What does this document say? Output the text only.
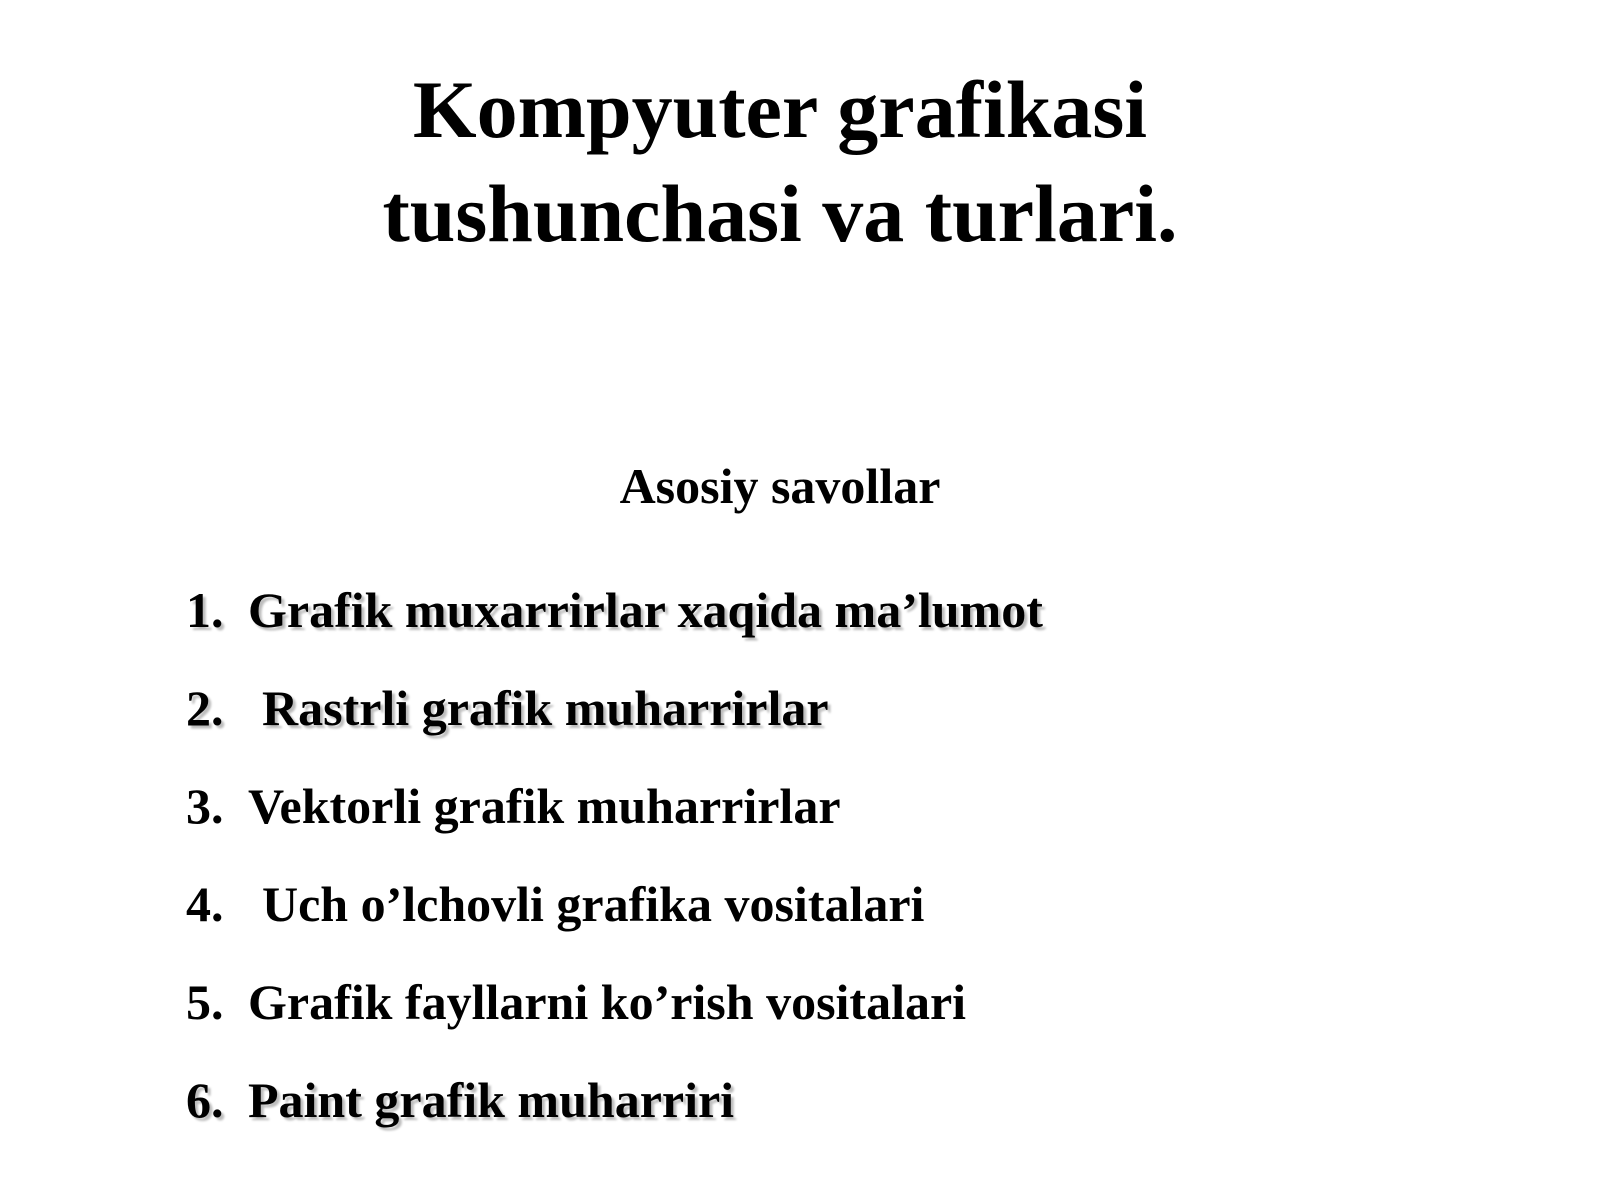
Kompyuter grafikasi
tushunchasi va turlari.
Asosiy savollar
1. Grafik muxarrirlar xaqida ma’lumot
2. Rastrli grafik muharrirlar
3. Vektorli grafik muharrirlar
4. Uch o’lchovli grafika vositalari
5. Grafik fayllarni ko’rish vositalari
6. Paint grafik muharriri
